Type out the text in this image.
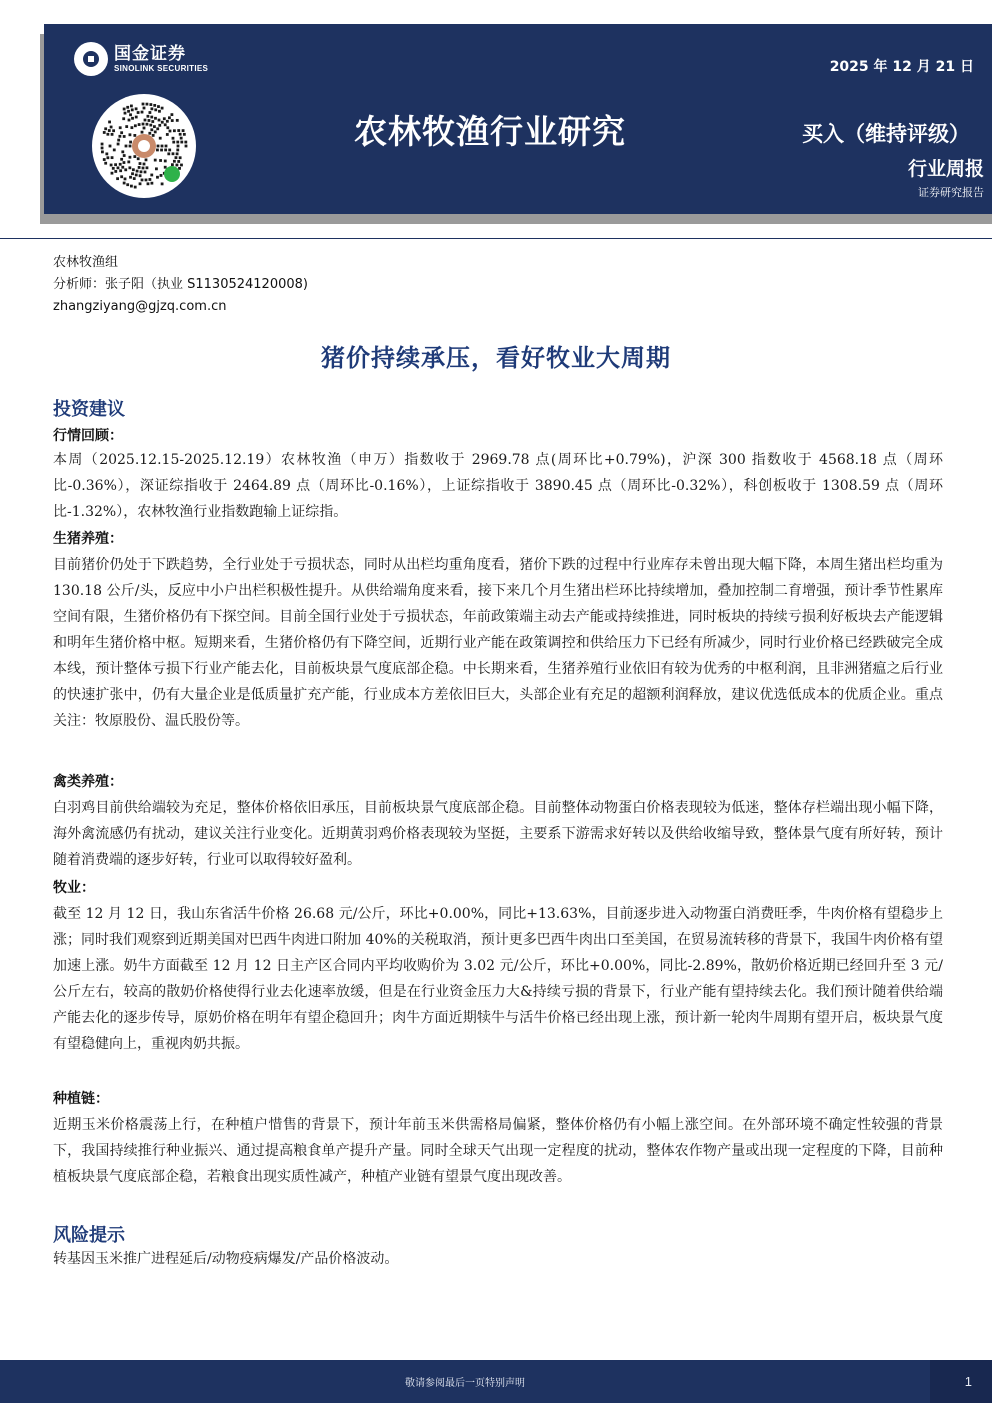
国金证券
SINOLINK SECURITIES	2025 年 12 月 21 日
农林牧渔行业研究	买入（维持评级）
行业周报
证券研究报告
农林牧渔组
分析师：张子阳（执业 S1130524120008)
zhangziyang@gjzq.com.cn
猪价持续承压，看好牧业大周期
投资建议
行情回顾：
本周（2025.12.15-2025.12.19）农林牧渔（申万）指数收于 2969.78 点(周环比+0.79%)，沪深 300 指数收于 4568.18 点（周环比-0.36%），深证综指收于 2464.89 点（周环比-0.16%），上证综指收于 3890.45 点（周环比-0.32%），科创板收于 1308.59 点（周环比-1.32%），农林牧渔行业指数跑输上证综指。
生猪养殖：
目前猪价仍处于下跌趋势，全行业处于亏损状态，同时从出栏均重角度看，猪价下跌的过程中行业库存未曾出现大幅下降，本周生猪出栏均重为 130.18 公斤/头，反应中小户出栏积极性提升。从供给端角度来看，接下来几个月生猪出栏环比持续增加，叠加控制二育增强，预计季节性累库空间有限，生猪价格仍有下探空间。目前全国行业处于亏损状态，年前政策端主动去产能或持续推进，同时板块的持续亏损利好板块去产能逻辑和明年生猪价格中枢。短期来看，生猪价格仍有下降空间，近期行业产能在政策调控和供给压力下已经有所减少，同时行业价格已经跌破完全成本线，预计整体亏损下行业产能去化，目前板块景气度底部企稳。中长期来看，生猪养殖行业依旧有较为优秀的中枢利润，且非洲猪瘟之后行业的快速扩张中，仍有大量企业是低质量扩充产能，行业成本方差依旧巨大，头部企业有充足的超额利润释放，建议优选低成本的优质企业。重点关注：牧原股份、温氏股份等。
禽类养殖：
白羽鸡目前供给端较为充足，整体价格依旧承压，目前板块景气度底部企稳。目前整体动物蛋白价格表现较为低迷，整体存栏端出现小幅下降，海外禽流感仍有扰动，建议关注行业变化。近期黄羽鸡价格表现较为坚挺，主要系下游需求好转以及供给收缩导致，整体景气度有所好转，预计随着消费端的逐步好转，行业可以取得较好盈利。
牧业：
截至 12 月 12 日，我山东省活牛价格 26.68 元/公斤，环比+0.00%，同比+13.63%，目前逐步进入动物蛋白消费旺季，牛肉价格有望稳步上涨；同时我们观察到近期美国对巴西牛肉进口附加 40%的关税取消，预计更多巴西牛肉出口至美国，在贸易流转移的背景下，我国牛肉价格有望加速上涨。奶牛方面截至 12 月 12 日主产区合同内平均收购价为 3.02 元/公斤，环比+0.00%，同比-2.89%，散奶价格近期已经回升至 3 元/公斤左右，较高的散奶价格使得行业去化速率放缓，但是在行业资金压力大&持续亏损的背景下，行业产能有望持续去化。我们预计随着供给端产能去化的逐步传导，原奶价格在明年有望企稳回升；肉牛方面近期犊牛与活牛价格已经出现上涨，预计新一轮肉牛周期有望开启，板块景气度有望稳健向上，重视肉奶共振。
种植链：
近期玉米价格震荡上行，在种植户惜售的背景下，预计年前玉米供需格局偏紧，整体价格仍有小幅上涨空间。在外部环境不确定性较强的背景下，我国持续推行种业振兴、通过提高粮食单产提升产量。同时全球天气出现一定程度的扰动，整体农作物产量或出现一定程度的下降，目前种植板块景气度底部企稳，若粮食出现实质性减产，种植产业链有望景气度出现改善。
风险提示
转基因玉米推广进程延后/动物疫病爆发/产品价格波动。
敬请参阅最后一页特别声明	1
